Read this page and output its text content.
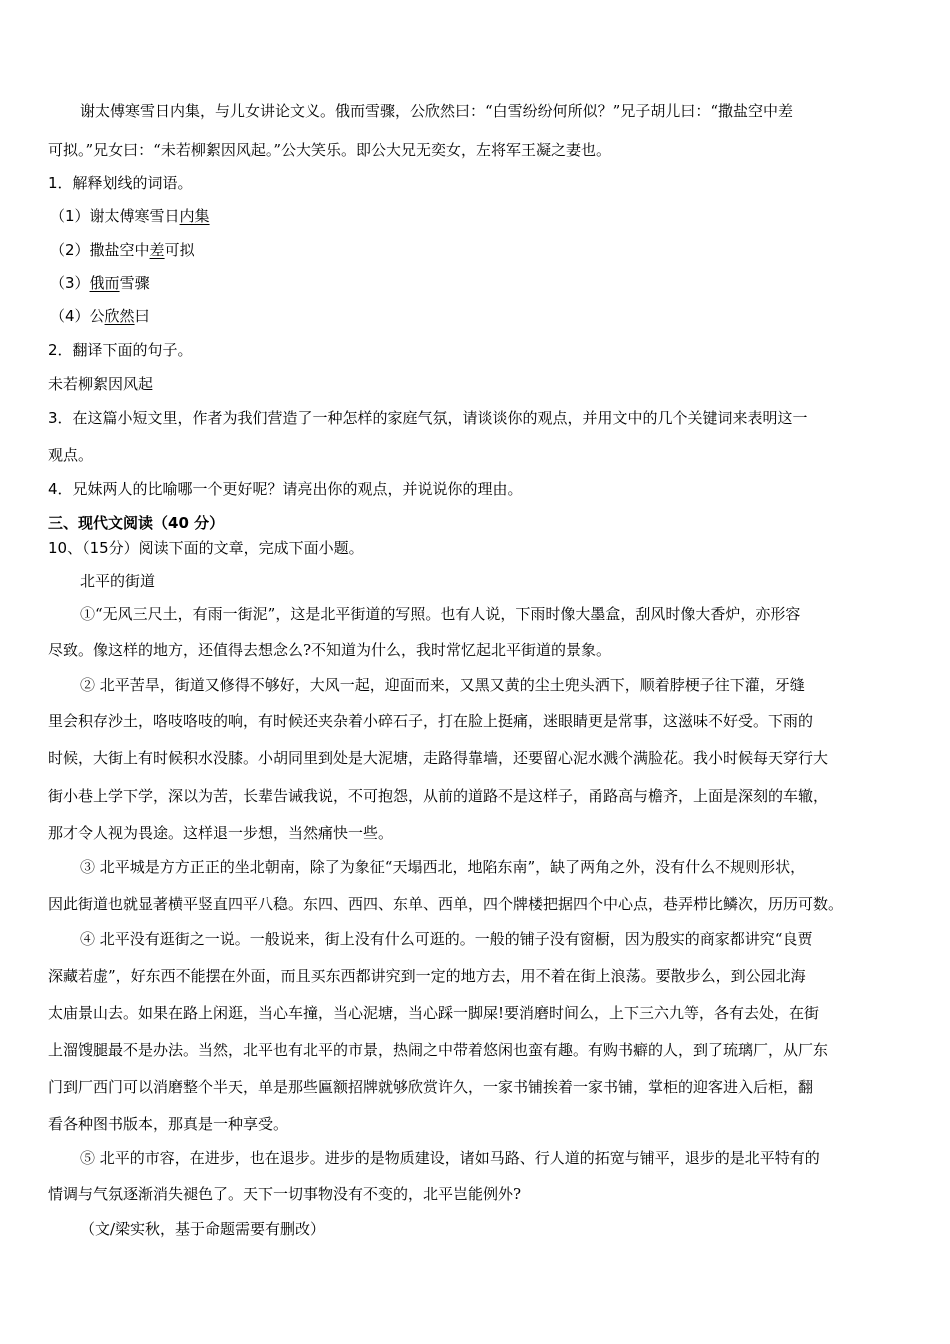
谢太傅寒雪日内集，与儿女讲论文义。俄而雪骤，公欣然曰：“白雪纷纷何所似？”兄子胡儿曰：“撒盐空中差
可拟。”兄女曰：“未若柳絮因风起。”公大笑乐。即公大兄无奕女，左将军王凝之妻也。
1．解释划线的词语。
（1）谢太傅寒雪日内集
（2）撒盐空中差可拟
（3）俄而雪骤
（4）公欣然曰
2．翻译下面的句子。
未若柳絮因风起
3．在这篇小短文里，作者为我们营造了一种怎样的家庭气氛，请谈谈你的观点，并用文中的几个关键词来表明这一
观点。
4．兄妹两人的比喻哪一个更好呢？请亮出你的观点，并说说你的理由。
三、现代文阅读（40 分）
10、（15分）阅读下面的文章，完成下面小题。
北平的街道
①“无风三尺土，有雨一街泥”，这是北平街道的写照。也有人说，下雨时像大墨盒，刮风时像大香炉，亦形容
尽致。像这样的地方，还值得去想念么?不知道为什么，我时常忆起北平街道的景象。
② 北平苦旱，街道又修得不够好，大风一起，迎面而来，又黑又黄的尘土兜头洒下，顺着脖梗子往下灌，牙缝
里会积存沙土，咯吱咯吱的响，有时候还夹杂着小碎石子，打在脸上挺痛，迷眼睛更是常事，这滋味不好受。下雨的
时候，大街上有时候积水没膝。小胡同里到处是大泥塘，走路得靠墙，还要留心泥水溅个满脸花。我小时候每天穿行大
街小巷上学下学，深以为苦，长辈告诫我说，不可抱怨，从前的道路不是这样子，甬路高与檐齐，上面是深刻的车辙，
那才令人视为畏途。这样退一步想，当然痛快一些。
③ 北平城是方方正正的坐北朝南，除了为象征“天塌西北，地陷东南”，缺了两角之外，没有什么不规则形状，
因此街道也就显著横平竖直四平八稳。东四、西四、东单、西单，四个牌楼把据四个中心点，巷弄栉比鳞次，历历可数。
④ 北平没有逛街之一说。一般说来，街上没有什么可逛的。一般的铺子没有窗橱，因为殷实的商家都讲究“良贾
深藏若虚”，好东西不能摆在外面，而且买东西都讲究到一定的地方去，用不着在街上浪荡。要散步么，到公园北海
太庙景山去。如果在路上闲逛，当心车撞，当心泥塘，当心踩一脚屎!要消磨时间么，上下三六九等，各有去处，在街
上溜馊腿最不是办法。当然，北平也有北平的市景，热闹之中带着悠闲也蛮有趣。有购书癖的人，到了琉璃厂，从厂东
门到厂西门可以消磨整个半天，单是那些匾额招牌就够欣赏许久，一家书铺挨着一家书铺，掌柜的迎客进入后柜，翻
看各种图书版本，那真是一种享受。
⑤ 北平的市容，在进步，也在退步。进步的是物质建设，诸如马路、行人道的拓宽与铺平，退步的是北平特有的
情调与气氛逐渐消失褪色了。天下一切事物没有不变的，北平岂能例外?
（文/梁实秋，基于命题需要有删改）
